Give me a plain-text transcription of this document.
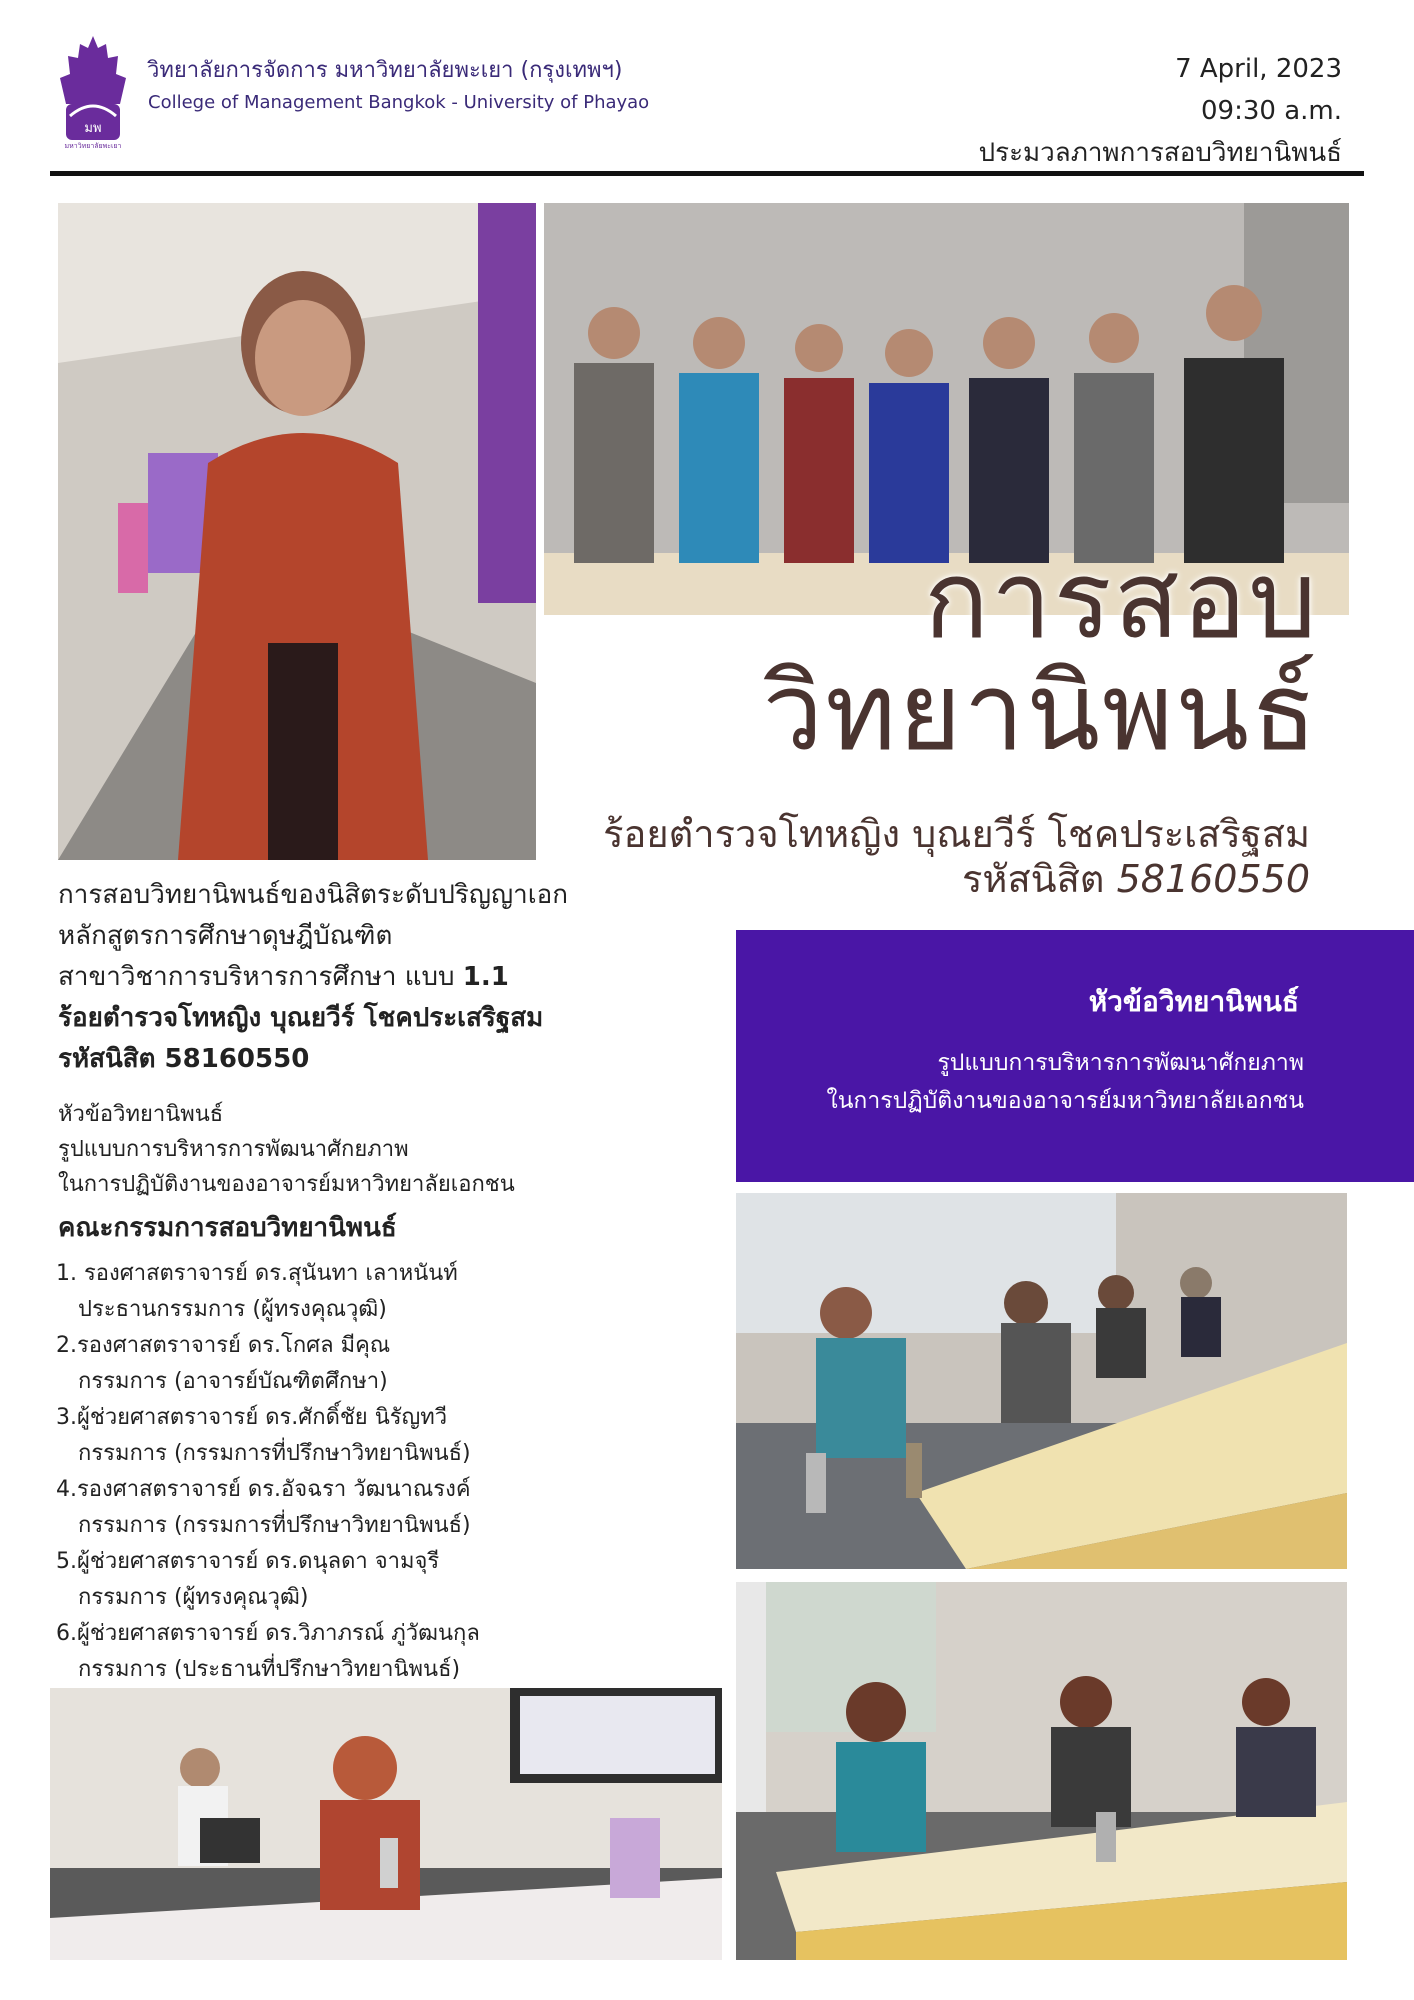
มพ
มหาวิทยาลัยพะเยา
วิทยาลัยการจัดการ มหาวิทยาลัยพะเยา (กรุงเทพฯ)
College of Management Bangkok - University of Phayao
7 April, 2023
09:30 a.m.
ประมวลภาพการสอบวิทยานิพนธ์
การสอบ
วิทยานิพนธ์
ร้อยตำรวจโทหญิง บุณยวีร์ โชคประเสริฐสม
รหัสนิสิต 58160550
การสอบวิทยานิพนธ์ของนิสิตระดับปริญญาเอก
หลักสูตรการศึกษาดุษฎีบัณฑิต
สาขาวิชาการบริหารการศึกษา แบบ 1.1
ร้อยตำรวจโทหญิง บุณยวีร์ โชคประเสริฐสม
รหัสนิสิต 58160550
หัวข้อวิทยานิพนธ์
รูปแบบการบริหารการพัฒนาศักยภาพ
ในการปฏิบัติงานของอาจารย์มหาวิทยาลัยเอกชน
คณะกรรมการสอบวิทยานิพนธ์
1. รองศาสตราจารย์ ดร.สุนันทา เลาหนันท์
ประธานกรรมการ (ผู้ทรงคุณวุฒิ)
2.รองศาสตราจารย์ ดร.โกศล มีคุณ
กรรมการ (อาจารย์บัณฑิตศึกษา)
3.ผู้ช่วยศาสตราจารย์ ดร.ศักดิ์ชัย นิรัญทวี
กรรมการ (กรรมการที่ปรึกษาวิทยานิพนธ์)
4.รองศาสตราจารย์ ดร.อัจฉรา วัฒนาณรงค์
กรรมการ (กรรมการที่ปรึกษาวิทยานิพนธ์)
5.ผู้ช่วยศาสตราจารย์ ดร.ดนุลดา จามจุรี
กรรมการ (ผู้ทรงคุณวุฒิ)
6.ผู้ช่วยศาสตราจารย์ ดร.วิภาภรณ์ ภู่วัฒนกุล
กรรมการ (ประธานที่ปรึกษาวิทยานิพนธ์)
หัวข้อวิทยานิพนธ์
รูปแบบการบริหารการพัฒนาศักยภาพ
ในการปฏิบัติงานของอาจารย์มหาวิทยาลัยเอกชน
